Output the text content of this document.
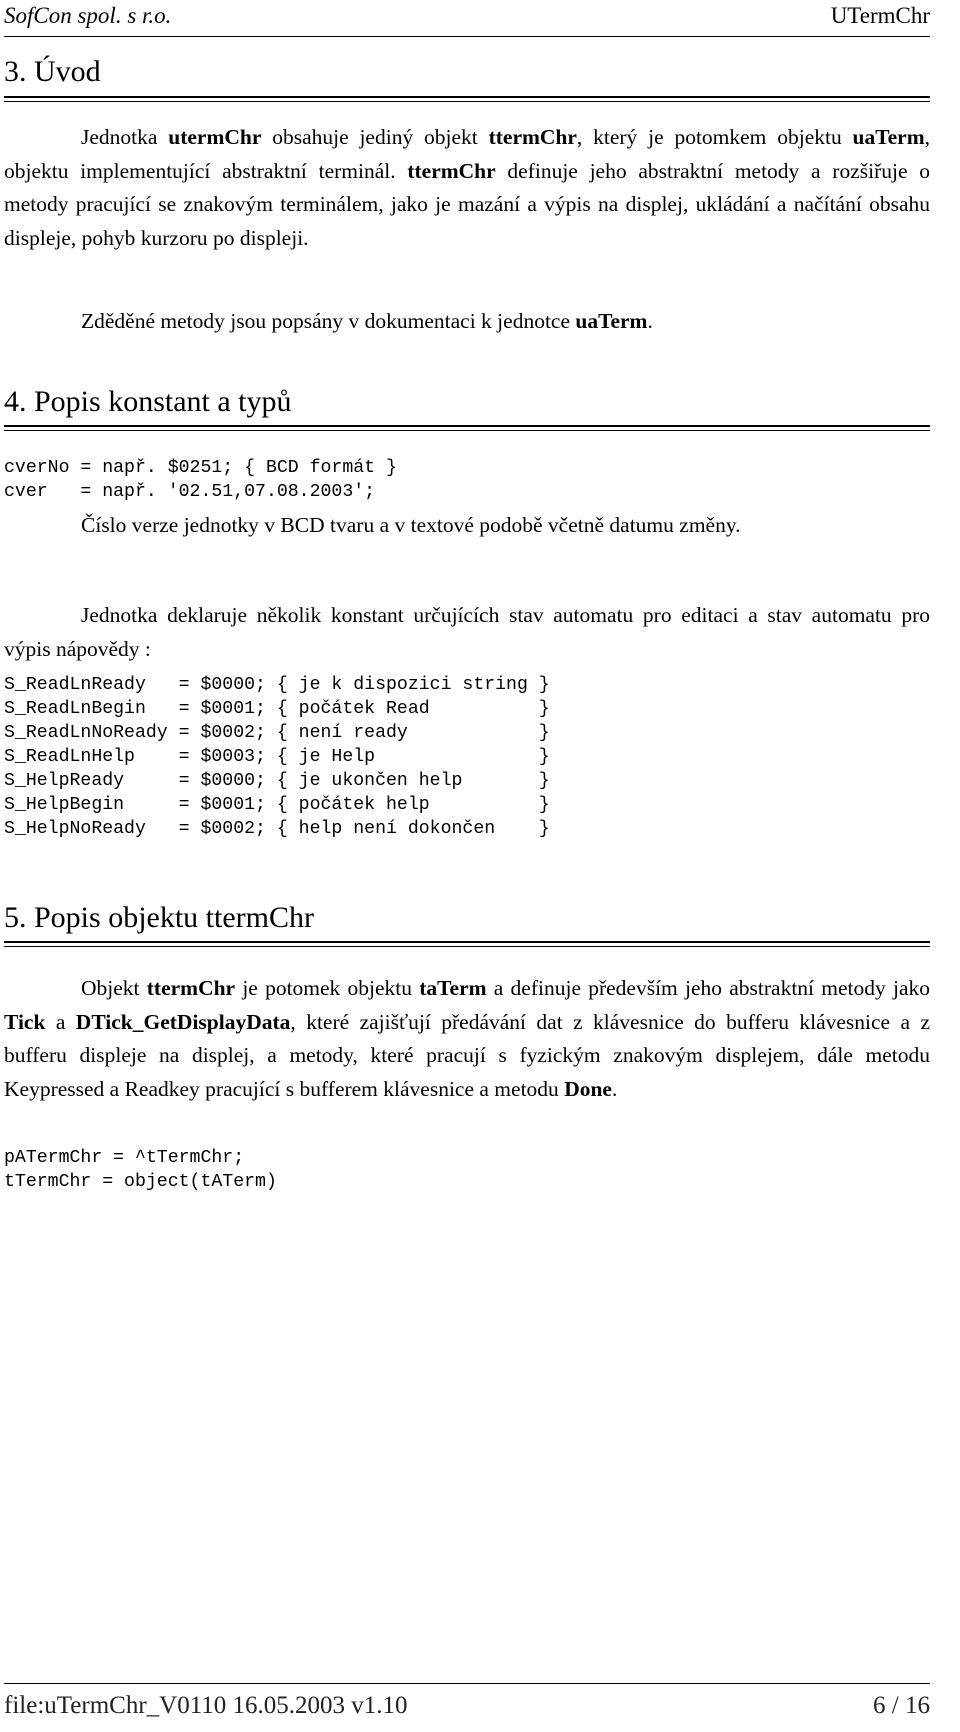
SofCon spol. s r.o.	UTermChr
3. Úvod
Jednotka utermChr obsahuje jediný objekt ttermChr, který je potomkem objektu uaTerm, objektu implementující abstraktní terminál. ttermChr definuje jeho abstraktní metody a rozšiřuje o metody pracující se znakovým terminálem, jako je mazání a výpis na displej, ukládání a načítání obsahu displeje, pohyb kurzoru po displeji.
Zděděné metody jsou popsány v dokumentaci k jednotce uaTerm.
4. Popis konstant a typů
cverNo = např. $0251; { BCD formát }
cver   = např. '02.51,07.08.2003';
Číslo verze jednotky v BCD tvaru a v textové podobě včetně datumu změny.
Jednotka deklaruje několik konstant určujících stav automatu pro editaci a stav automatu pro výpis nápovědy :
S_ReadLnReady   = $0000; { je k dispozici string }
S_ReadLnBegin   = $0001; { počátek Read          }
S_ReadLnNoReady = $0002; { není ready            }
S_ReadLnHelp    = $0003; { je Help               }
S_HelpReady     = $0000; { je ukončen help       }
S_HelpBegin     = $0001; { počátek help          }
S_HelpNoReady   = $0002; { help není dokončen    }
5. Popis objektu ttermChr
Objekt ttermChr je potomek objektu taTerm a definuje především jeho abstraktní metody jako Tick a DTick_GetDisplayData, které zajišťují předávání dat z klávesnice do bufferu klávesnice a z bufferu displeje na displej, a metody, které pracují s fyzickým znakovým displejem, dále metodu Keypressed a Readkey pracující s bufferem klávesnice a metodu Done.
pATermChr = ^tTermChr;
tTermChr = object(tATerm)
file:uTermChr_V0110 16.05.2003 v1.10	6 / 16
